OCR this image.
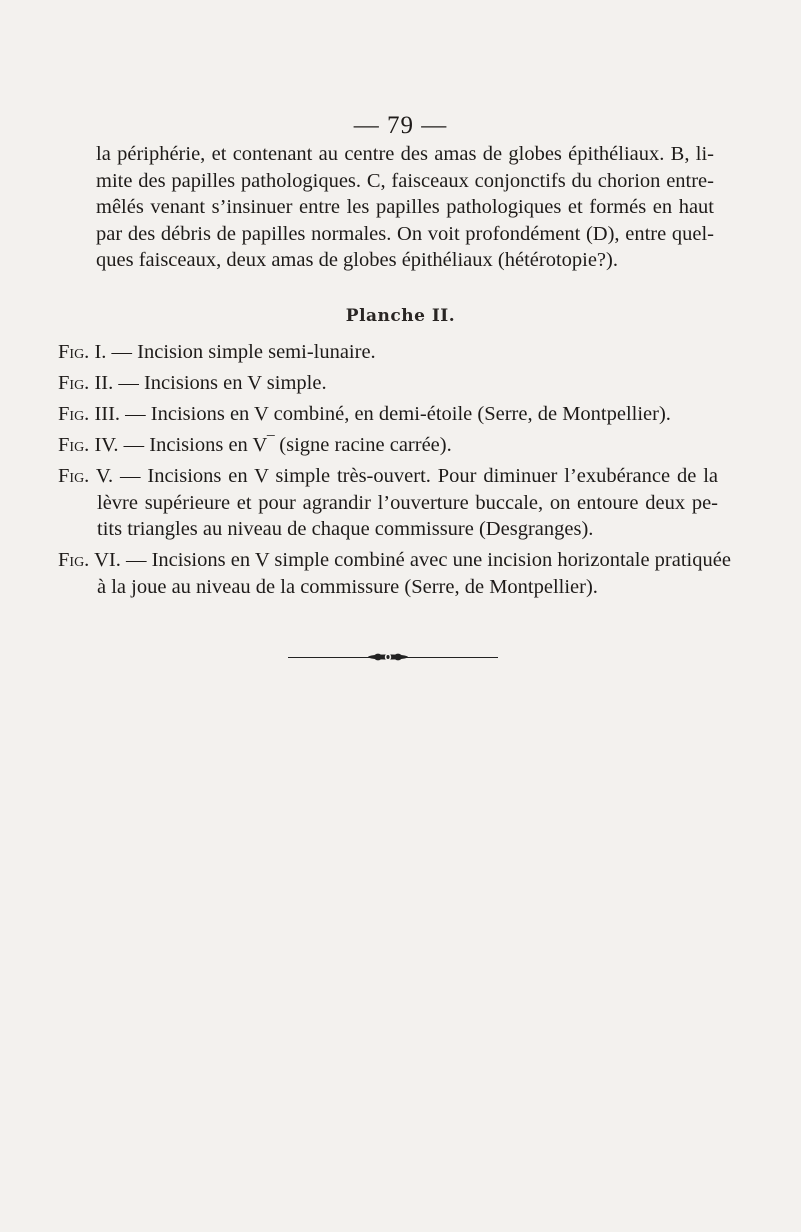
— 79 —
la périphérie, et contenant au centre des amas de globes épithéliaux. B, li-
mite des papilles pathologiques. C, faisceaux conjonctifs du chorion entre-
mêlés venant s’insinuer entre les papilles pathologiques et formés en haut
par des débris de papilles normales. On voit profondément (D), entre quel-
ques faisceaux, deux amas de globes épithéliaux (hétérotopie?).
Planche II.
Fig. I. — Incision simple semi-lunaire.
Fig. II. — Incisions en V simple.
Fig. III. — Incisions en V combiné, en demi-étoile (Serre, de Montpellier).
Fig. IV. — Incisions en V‾ (signe racine carrée).
Fig. V. — Incisions en V simple très-ouvert. Pour diminuer l’exubérance de la
lèvre supérieure et pour agrandir l’ouverture buccale, on entoure deux pe-
tits triangles au niveau de chaque commissure (Desgranges).
Fig. VI. — Incisions en V simple combiné avec une incision horizontale pratiquée
à la joue au niveau de la commissure (Serre, de Montpellier).
